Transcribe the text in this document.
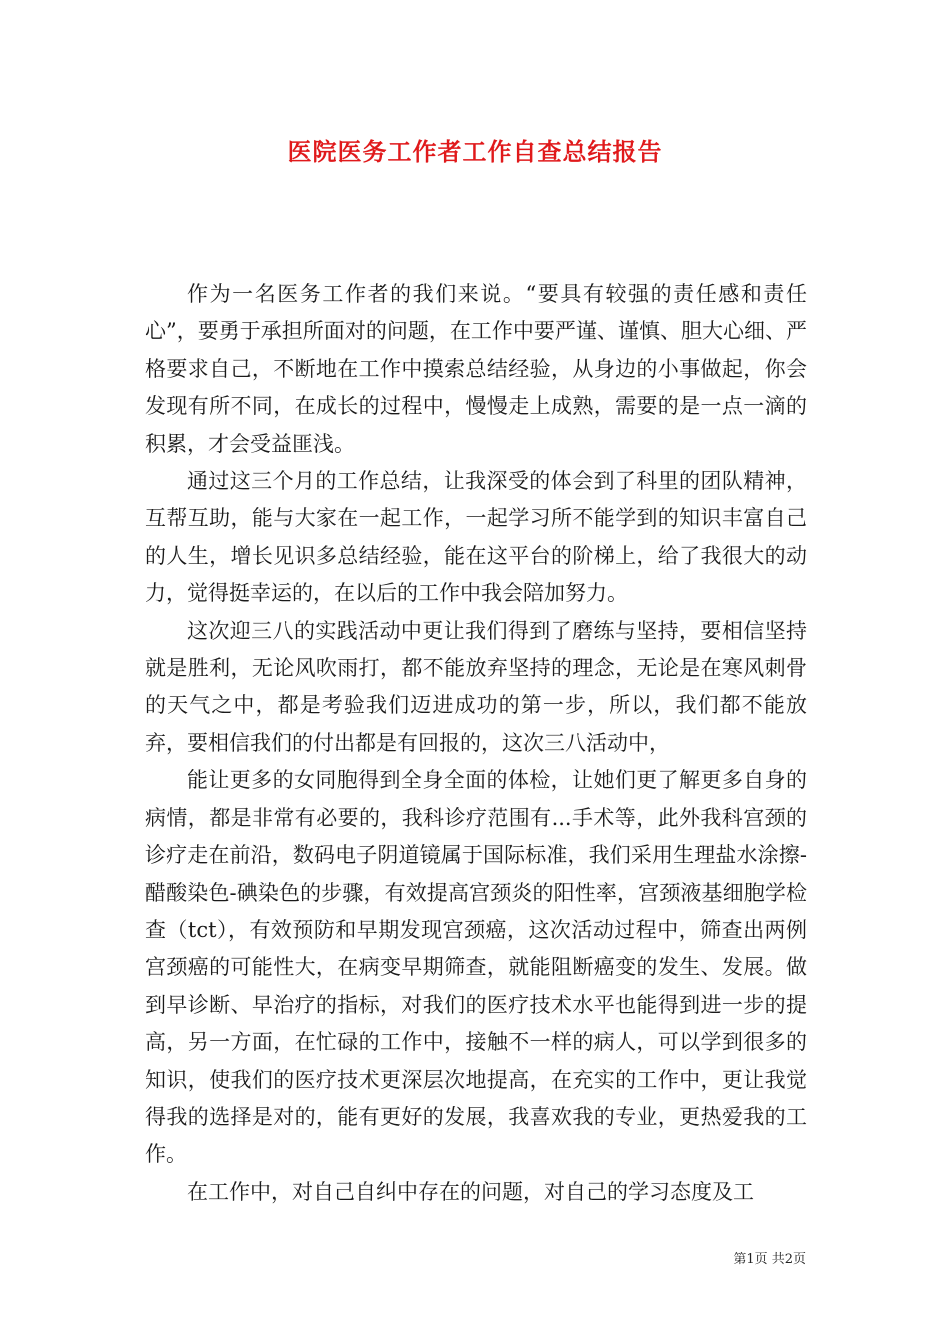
医院医务工作者工作自查总结报告

作为一名医务工作者的我们来说。“要具有较强的责任感和责任心”，要勇于承担所面对的问题，在工作中要严谨、谨慎、胆大心细、严格要求自己，不断地在工作中摸索总结经验，从身边的小事做起，你会发现有所不同，在成长的过程中，慢慢走上成熟，需要的是一点一滴的积累，才会受益匪浅。

通过这三个月的工作总结，让我深受的体会到了科里的团队精神，互帮互助，能与大家在一起工作，一起学习所不能学到的知识丰富自己的人生，增长见识多总结经验，能在这平台的阶梯上，给了我很大的动力，觉得挺幸运的，在以后的工作中我会陪加努力。

这次迎三八的实践活动中更让我们得到了磨练与坚持，要相信坚持就是胜利，无论风吹雨打，都不能放弃坚持的理念，无论是在寒风刺骨的天气之中，都是考验我们迈进成功的第一步，所以，我们都不能放弃，要相信我们的付出都是有回报的，这次三八活动中，

能让更多的女同胞得到全身全面的体检，让她们更了解更多自身的病情，都是非常有必要的，我科诊疗范围有...手术等，此外我科宫颈的诊疗走在前沿，数码电子阴道镜属于国际标准，我们采用生理盐水涂擦-醋酸染色-碘染色的步骤，有效提高宫颈炎的阳性率，宫颈液基细胞学检查（tct），有效预防和早期发现宫颈癌，这次活动过程中，筛查出两例宫颈癌的可能性大，在病变早期筛查，就能阻断癌变的发生、发展。做到早诊断、早治疗的指标，对我们的医疗技术水平也能得到进一步的提高，另一方面，在忙碌的工作中，接触不一样的病人，可以学到很多的知识，使我们的医疗技术更深层次地提高，在充实的工作中，更让我觉得我的选择是对的，能有更好的发展，我喜欢我的专业，更热爱我的工作。

在工作中，对自己自纠中存在的问题，对自己的学习态度及工

第1页 共2页
